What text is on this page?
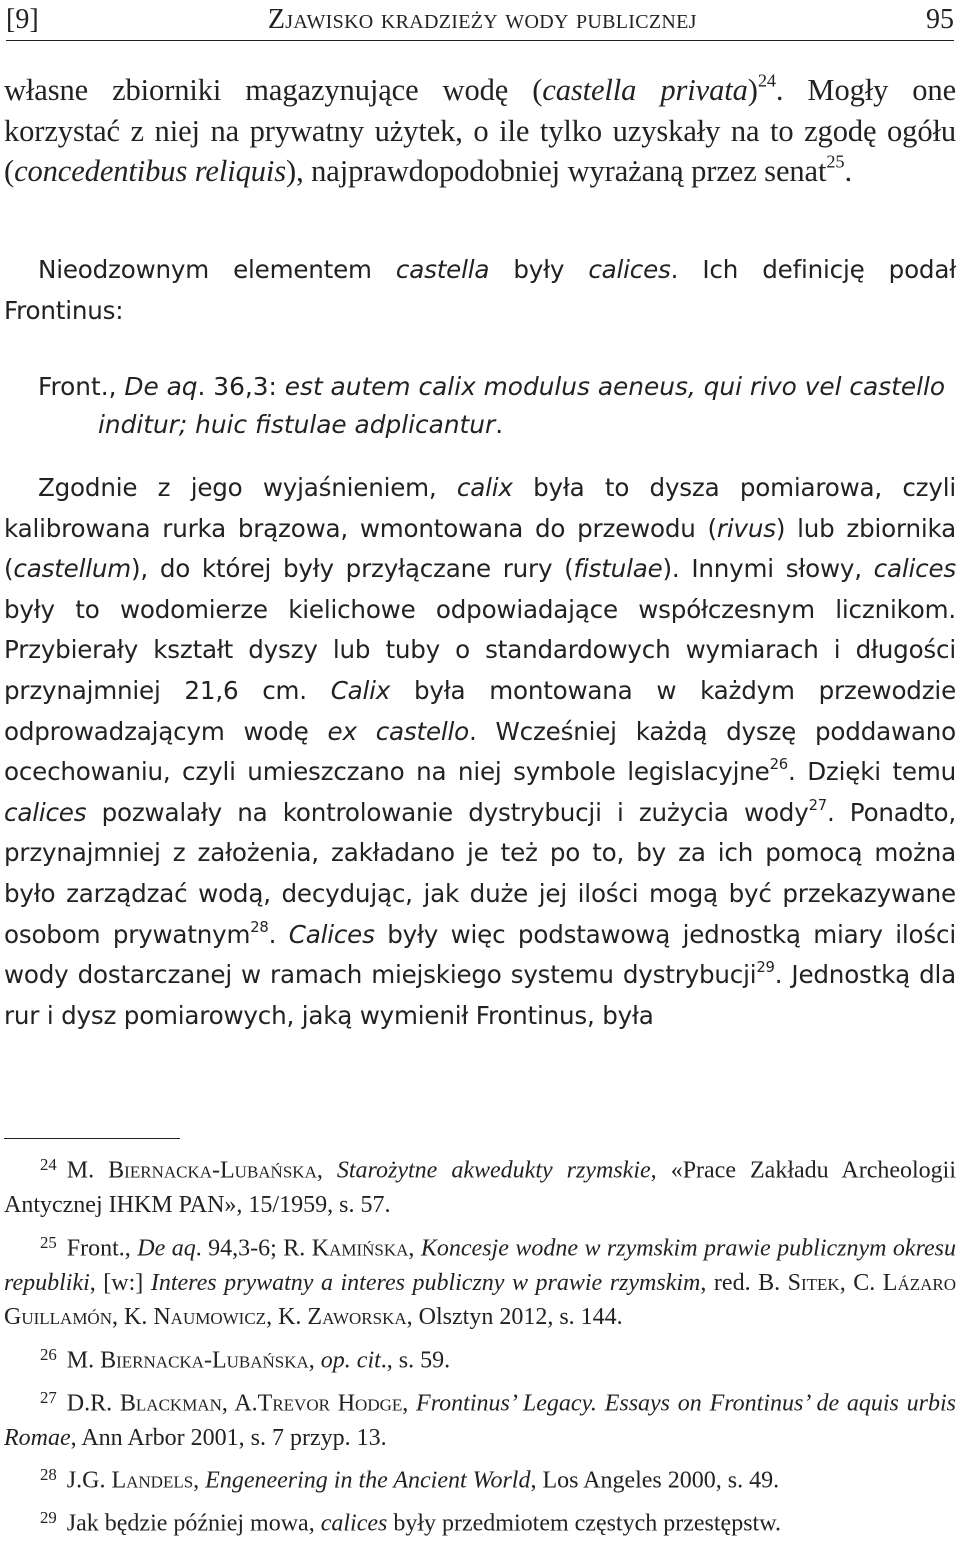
[9]	Zjawisko kradzieży wody publicznej	95

własne zbiorniki magazynujące wodę (castella privata)$^{24}$. Mogły one korzystać z niej na prywatny użytek, o ile tylko uzyskały na to zgodę ogółu (concedentibus reliquis), najprawdopodobniej wyrażaną przez senat$^{25}$.

Nieodzownym elementem castella były calices. Ich definicję podał Frontinus:

Front., De aq. 36,3: est autem calix modulus aeneus, qui rivo vel castello inditur; huic fistulae adplicantur.

Zgodnie z jego wyjaśnieniem, calix była to dysza pomiarowa, czyli kalibrowana rurka brązowa, wmontowana do przewodu (rivus) lub zbiornika (castellum), do której były przyłączane rury (fistulae). Innymi słowy, calices były to wodomierze kielichowe odpowiadające współczesnym licznikom. Przybierały kształt dyszy lub tuby o standardowych wymiarach i długości przynajmniej 21,6 cm. Calix była montowana w każdym przewodzie odprowadzającym wodę ex castello. Wcześniej każdą dyszę poddawano ocechowaniu, czyli umieszczano na niej symbole legislacyjne$^{26}$. Dzięki temu calices pozwalały na kontrolowanie dystrybucji i zużycia wody$^{27}$. Ponadto, przynajmniej z założenia, zakładano je też po to, by za ich pomocą można było zarządzać wodą, decydując, jak duże jej ilości mogą być przekazywane osobom prywatnym$^{28}$. Calices były więc podstawową jednostką miary ilości wody dostarczanej w ramach miejskiego systemu dystrybucji$^{29}$. Jednostką dla rur i dysz pomiarowych, jaką wymienił Frontinus, była

$^{24}$ M. Biernacka-Lubańska, Starożytne akwedukty rzymskie, «Prace Zakładu Archeologii Antycznej IHKM PAN», 15/1959, s. 57.

$^{25}$ Front., De aq. 94,3-6; R. Kamińska, Koncesje wodne w rzymskim prawie publicznym okresu republiki, [w:] Interes prywatny a interes publiczny w prawie rzymskim, red. B. Sitek, C. Lázaro Guillamón, K. Naumowicz, K. Zaworska, Olsztyn 2012, s. 144.

$^{26}$ M. Biernacka-Lubańska, op. cit., s. 59.

$^{27}$ D.R. Blackman, A.Trevor Hodge, Frontinus’ Legacy. Essays on Frontinus’ de aquis urbis Romae, Ann Arbor 2001, s. 7 przyp. 13.

$^{28}$ J.G. Landels, Engeneering in the Ancient World, Los Angeles 2000, s. 49.

$^{29}$ Jak będzie później mowa, calices były przedmiotem częstych przestępstw.
